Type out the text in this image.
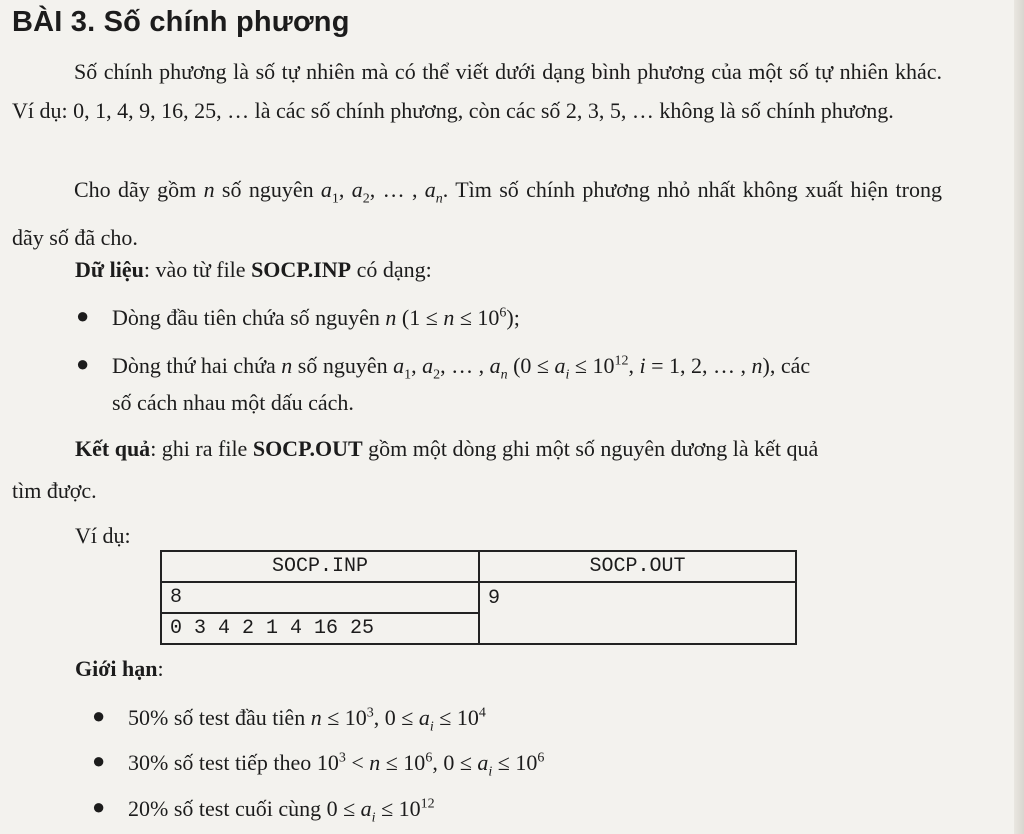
BÀI 3. Số chính phương

Số chính phương là số tự nhiên mà có thể viết dưới dạng bình phương của một số tự nhiên khác. Ví dụ: 0, 1, 4, 9, 16, 25, … là các số chính phương, còn các số 2, 3, 5, … không là số chính phương.

Cho dãy gồm n số nguyên $a_1$, $a_2$, … , $a_n$. Tìm số chính phương nhỏ nhất không xuất hiện trong dãy số đã cho.

Dữ liệu: vào từ file SOCP.INP có dạng:
● Dòng đầu tiên chứa số nguyên n $(1 \le n \le 10^6)$;
● Dòng thứ hai chứa n số nguyên $a_1$, $a_2$, … , $a_n$ ($0 \le a_i \le 10^{12}$, i = 1, 2, … , n), các
số cách nhau một dấu cách.
Kết quả: ghi ra file SOCP.OUT gồm một dòng ghi một số nguyên dương là kết quả
tìm được.
Ví dụ:
SOCP.INP	SOCP.OUT
8	9
0 3 4 2 1 4 16 25	
Giới hạn:
● 50% số test đầu tiên $n \le 10^3$, $0 \le a_i \le 10^4$
● 30% số test tiếp theo $10^3 < n \le 10^6$, $0 \le a_i \le 10^6$
● 20% số test cuối cùng $0 \le a_i \le 10^{12}$
